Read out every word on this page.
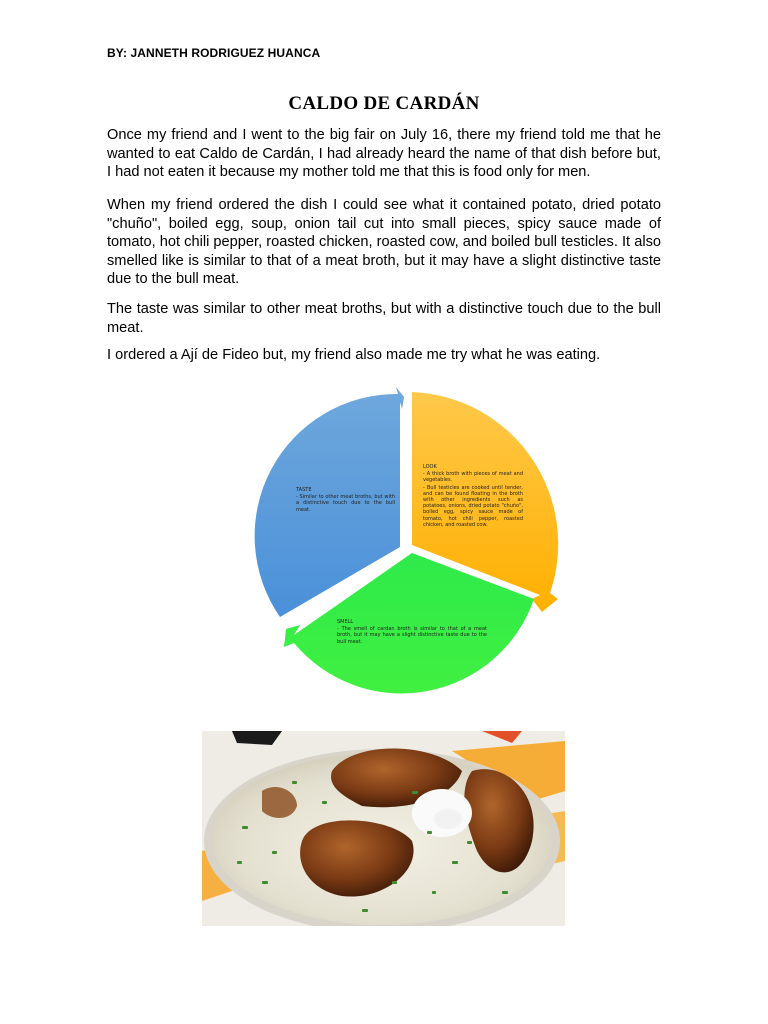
BY: JANNETH RODRIGUEZ HUANCA
CALDO DE CARDÁN

Once my friend and I went to the big fair on July 16, there my friend told me that he wanted to eat Caldo de Cardán, I had already heard the name of that dish before but, I had not eaten it because my mother told me that this is food only for men.

When my friend ordered the dish I could see what it contained potato, dried potato "chuño", boiled egg, soup, onion tail cut into small pieces, spicy sauce made of tomato, hot chili pepper, roasted chicken, roasted cow, and boiled bull testicles. It also smelled like is similar to that of a meat broth, but it may have a slight distinctive taste due to the bull meat.

The taste was similar to other meat broths, but with a distinctive touch due to the bull meat.

I ordered a Ají de Fideo but, my friend also made me try what he was eating.

LOOK

- A thick broth with pieces of meat and vegetables.

- Bull testicles are cooked until tender, and can be found floating in the broth with other ingredients such as potatoes, onions, dried potato "chuño", boiled egg, spicy sauce made of tomato, hot chili pepper, roasted chicken, and roasted cow.

TASTE

- Similar to other meat broths, but with a distinctive touch due to the bull meat.

SMELL

- The smell of cardan broth is similar to that of a meat broth, but it may have a slight distinctive taste due to the bull meat.
